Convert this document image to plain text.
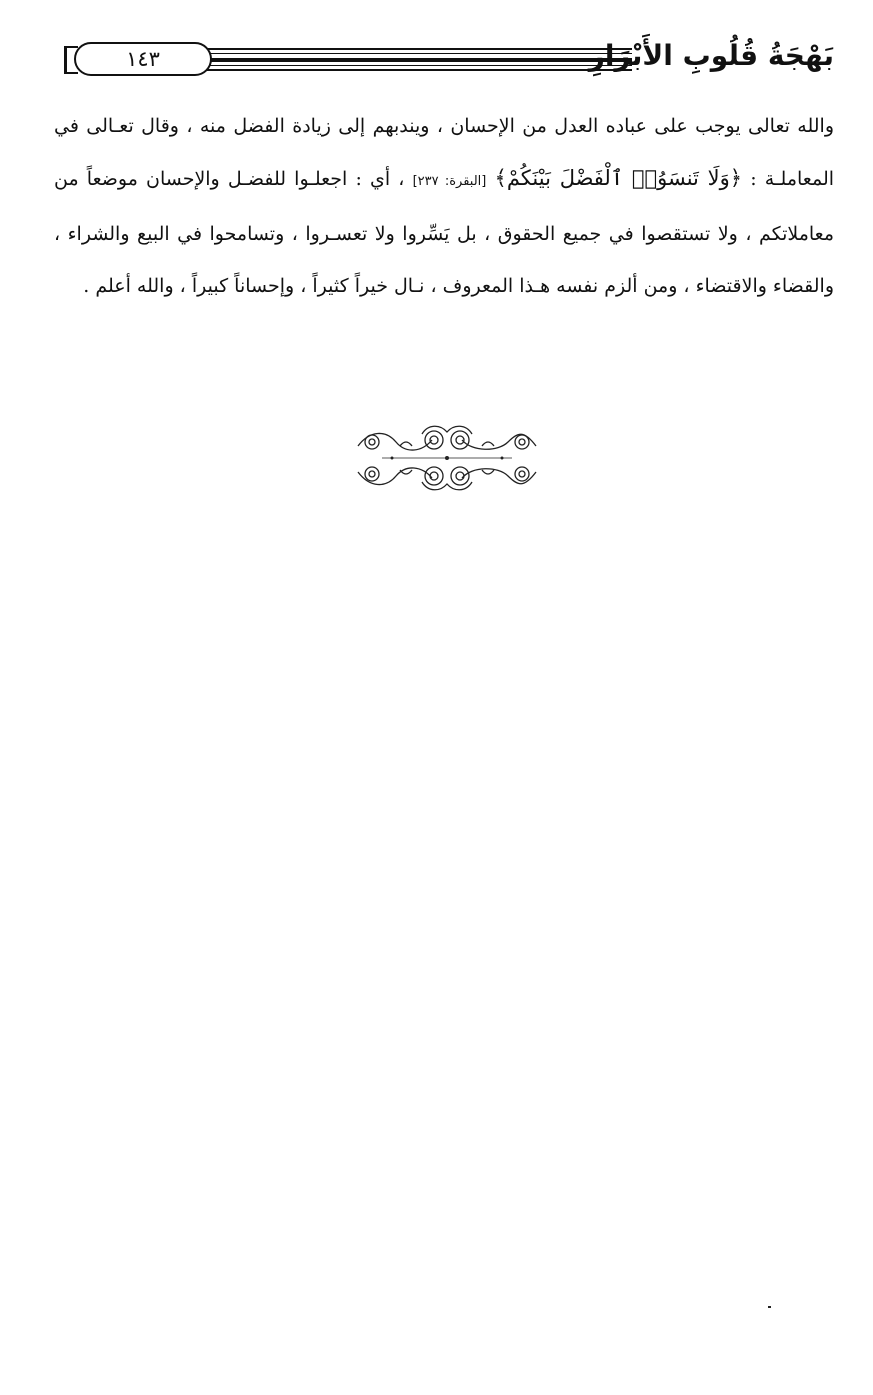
١٤٣	بَهْجَةُ قُلُوبِ الأَبْرَارِ

والله تعالى يوجب على عباده العدل من الإحسان ، ويندبهم إلى زيادة الفضل منه ، وقال تعـالى في المعاملـة : ﴿وَلَا تَنسَوُا۟ ٱلْفَضْلَ بَيْنَكُمْ﴾ [البقرة: ٢٣٧] ، أي : اجعلـوا للفضـل والإحسان موضعاً من معاملاتكم ، ولا تستقصوا في جميع الحقوق ، بل يَسِّروا ولا تعسـروا ، وتسامحوا في البيع والشراء ، والقضاء والاقتضاء ، ومن ألزم نفسه هـذا المعروف ، نـال خيراً كثيراً ، وإحساناً كبيراً ، والله أعلم .
